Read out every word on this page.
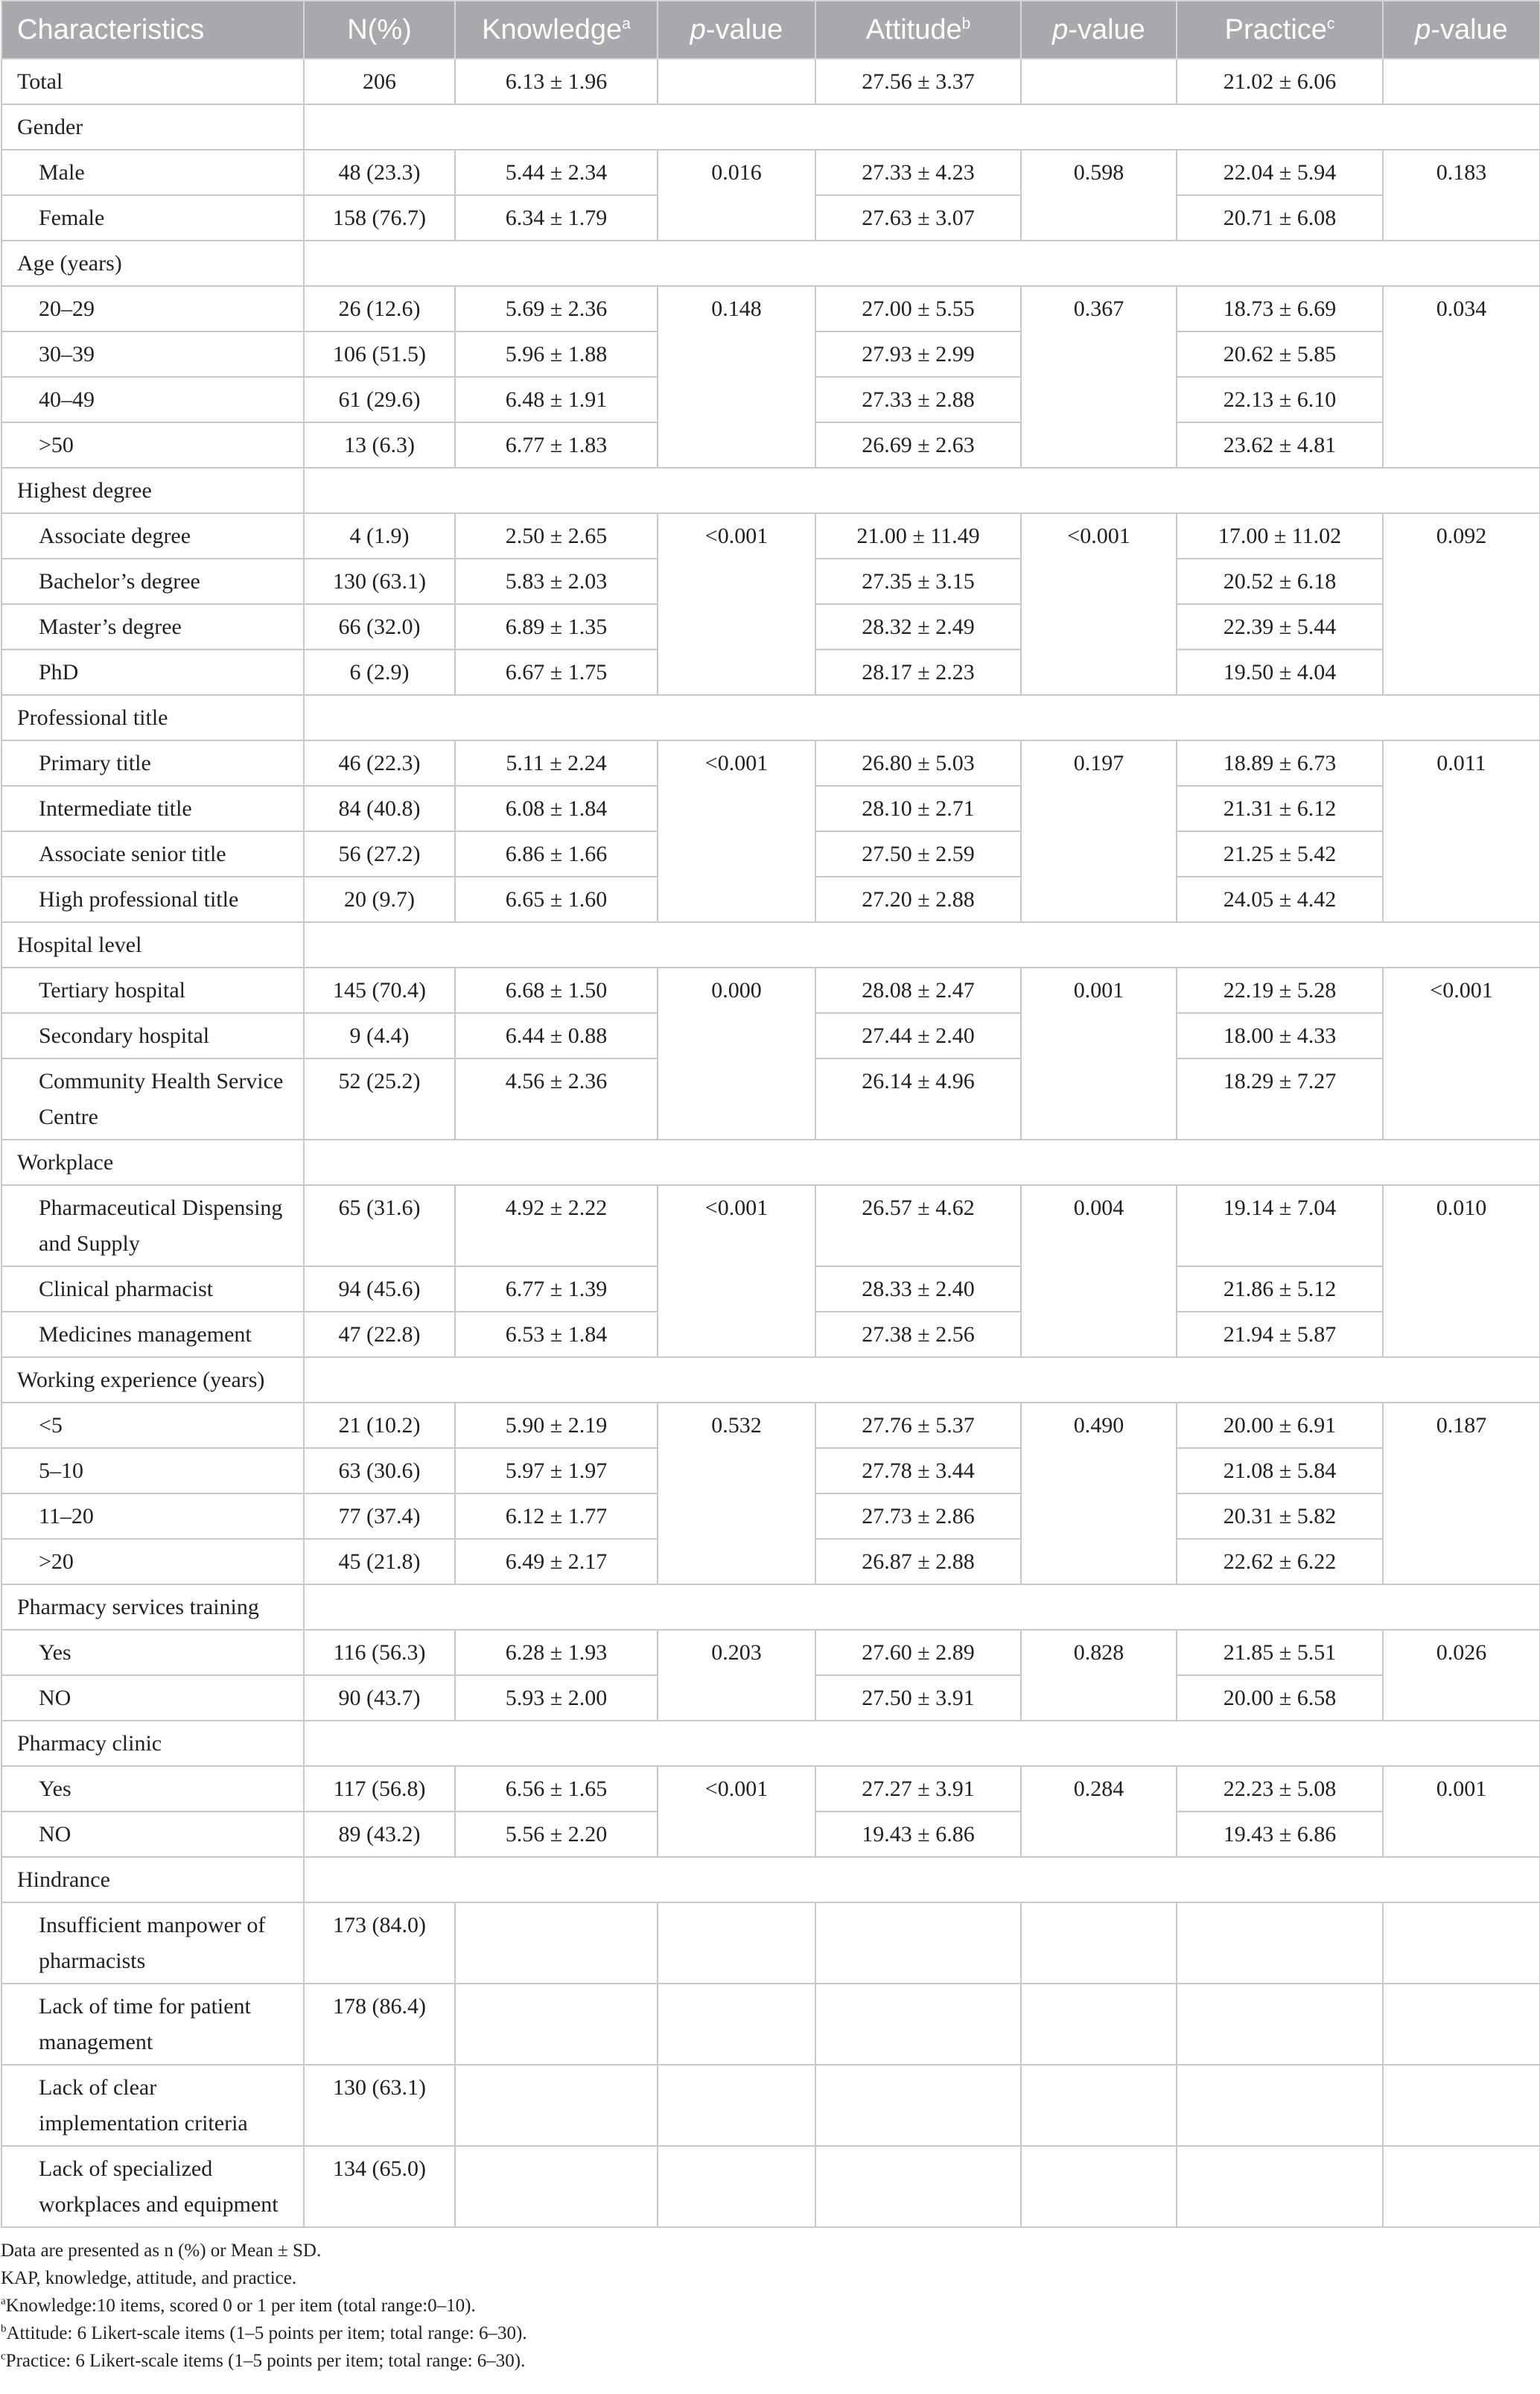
Characteristics	N(%)	Knowledge$^a$	p-value	Attitude$^b$	p-value	Practice$^c$	p-value
Total	206	6.13 ± 1.96		27.56 ± 3.37		21.02 ± 6.06	
Gender							
Male	48 (23.3)	5.44 ± 2.34	0.016	27.33 ± 4.23	0.598	22.04 ± 5.94	0.183
Female	158 (76.7)	6.34 ± 1.79		27.63 ± 3.07		20.71 ± 6.08	
Age (years)							
20–29	26 (12.6)	5.69 ± 2.36	0.148	27.00 ± 5.55	0.367	18.73 ± 6.69	0.034
30–39	106 (51.5)	5.96 ± 1.88		27.93 ± 2.99		20.62 ± 5.85	
40–49	61 (29.6)	6.48 ± 1.91		27.33 ± 2.88		22.13 ± 6.10	
>50	13 (6.3)	6.77 ± 1.83		26.69 ± 2.63		23.62 ± 4.81	
Highest degree							
Associate degree	4 (1.9)	2.50 ± 2.65	<0.001	21.00 ± 11.49	<0.001	17.00 ± 11.02	0.092
Bachelor’s degree	130 (63.1)	5.83 ± 2.03		27.35 ± 3.15		20.52 ± 6.18	
Master’s degree	66 (32.0)	6.89 ± 1.35		28.32 ± 2.49		22.39 ± 5.44	
PhD	6 (2.9)	6.67 ± 1.75		28.17 ± 2.23		19.50 ± 4.04	
Professional title							
Primary title	46 (22.3)	5.11 ± 2.24	<0.001	26.80 ± 5.03	0.197	18.89 ± 6.73	0.011
Intermediate title	84 (40.8)	6.08 ± 1.84		28.10 ± 2.71		21.31 ± 6.12	
Associate senior title	56 (27.2)	6.86 ± 1.66		27.50 ± 2.59		21.25 ± 5.42	
High professional title	20 (9.7)	6.65 ± 1.60		27.20 ± 2.88		24.05 ± 4.42	
Hospital level							
Tertiary hospital	145 (70.4)	6.68 ± 1.50	0.000	28.08 ± 2.47	0.001	22.19 ± 5.28	<0.001
Secondary hospital	9 (4.4)	6.44 ± 0.88		27.44 ± 2.40		18.00 ± 4.33	
Community Health Service Centre	52 (25.2)	4.56 ± 2.36		26.14 ± 4.96		18.29 ± 7.27	
Workplace							
Pharmaceutical Dispensing and Supply	65 (31.6)	4.92 ± 2.22	<0.001	26.57 ± 4.62	0.004	19.14 ± 7.04	0.010
Clinical pharmacist	94 (45.6)	6.77 ± 1.39		28.33 ± 2.40		21.86 ± 5.12	
Medicines management	47 (22.8)	6.53 ± 1.84		27.38 ± 2.56		21.94 ± 5.87	
Working experience (years)							
<5	21 (10.2)	5.90 ± 2.19	0.532	27.76 ± 5.37	0.490	20.00 ± 6.91	0.187
5–10	63 (30.6)	5.97 ± 1.97		27.78 ± 3.44		21.08 ± 5.84	
11–20	77 (37.4)	6.12 ± 1.77		27.73 ± 2.86		20.31 ± 5.82	
>20	45 (21.8)	6.49 ± 2.17		26.87 ± 2.88		22.62 ± 6.22	
Pharmacy services training							
Yes	116 (56.3)	6.28 ± 1.93	0.203	27.60 ± 2.89	0.828	21.85 ± 5.51	0.026
NO	90 (43.7)	5.93 ± 2.00		27.50 ± 3.91		20.00 ± 6.58	
Pharmacy clinic							
Yes	117 (56.8)	6.56 ± 1.65	<0.001	27.27 ± 3.91	0.284	22.23 ± 5.08	0.001
NO	89 (43.2)	5.56 ± 2.20		19.43 ± 6.86		19.43 ± 6.86	
Hindrance							
Insufficient manpower of pharmacists	173 (84.0)						
Lack of time for patient management	178 (86.4)						
Lack of clear implementation criteria	130 (63.1)						
Lack of specialized workplaces and equipment	134 (65.0)						
Data are presented as n (%) or Mean ± SD.
KAP, knowledge, attitude, and practice.
$^a$Knowledge:10 items, scored 0 or 1 per item (total range:0–10).
$^b$Attitude: 6 Likert-scale items (1–5 points per item; total range: 6–30).
$^c$Practice: 6 Likert-scale items (1–5 points per item; total range: 6–30).
